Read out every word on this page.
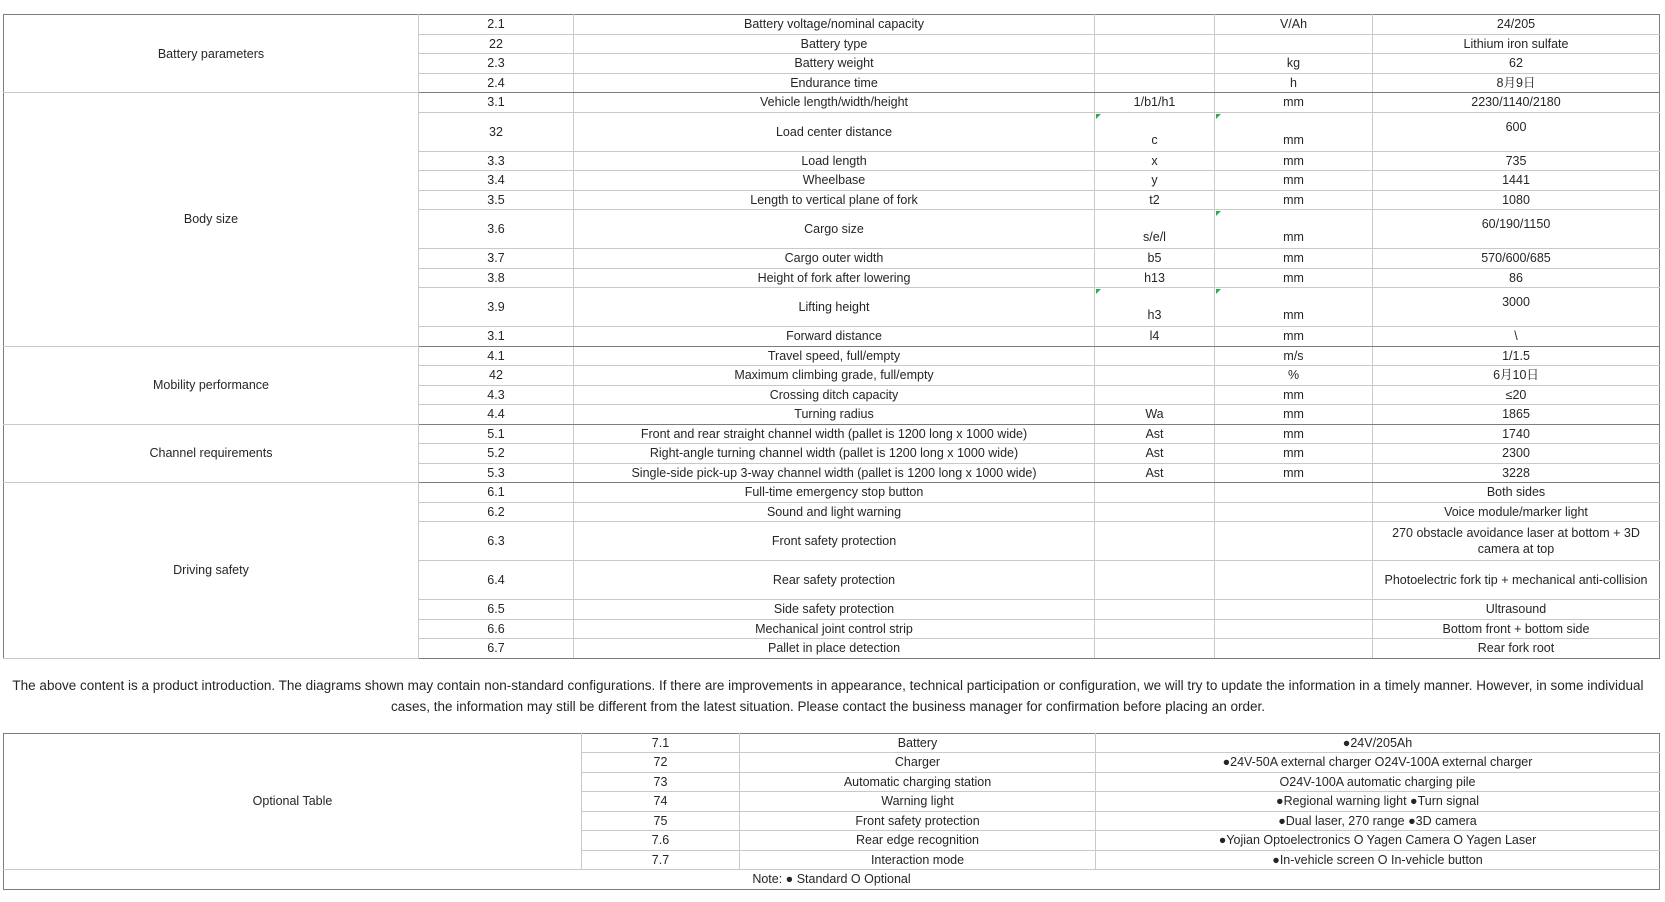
Battery parameters	2.1	Battery voltage/nominal capacity		V/Ah	24/205
	22	Battery type			Lithium iron sulfate
	2.3	Battery weight		kg	62
	2.4	Endurance time		h	8月9日
Body size	3.1	Vehicle length/width/height	1/b1/h1	mm	2230/1140/2180
	32	Load center distance	c	mm	600
	3.3	Load length	x	mm	735
	3.4	Wheelbase	y	mm	1441
	3.5	Length to vertical plane of fork	t2	mm	1080
	3.6	Cargo size	s/e/l	mm	60/190/1150
	3.7	Cargo outer width	b5	mm	570/600/685
	3.8	Height of fork after lowering	h13	mm	86
	3.9	Lifting height	h3	mm	3000
	3.1	Forward distance	l4	mm	\
Mobility performance	4.1	Travel speed, full/empty		m/s	1/1.5
	42	Maximum climbing grade, full/empty		%	6月10日
	4.3	Crossing ditch capacity		mm	≤20
	4.4	Turning radius	Wa	mm	1865
Channel requirements	5.1	Front and rear straight channel width (pallet is 1200 long x 1000 wide)	Ast	mm	1740
	5.2	Right-angle turning channel width (pallet is 1200 long x 1000 wide)	Ast	mm	2300
	5.3	Single-side pick-up 3-way channel width (pallet is 1200 long x 1000 wide)	Ast	mm	3228
Driving safety	6.1	Full-time emergency stop button			Both sides
	6.2	Sound and light warning			Voice module/marker light
	6.3	Front safety protection			270 obstacle avoidance laser at bottom + 3D camera at top
	6.4	Rear safety protection			Photoelectric fork tip + mechanical anti-collision
	6.5	Side safety protection			Ultrasound
	6.6	Mechanical joint control strip			Bottom front + bottom side
	6.7	Pallet in place detection			Rear fork root
The above content is a product introduction. The diagrams shown may contain non-standard configurations. If there are improvements in appearance, technical participation or configuration, we will try to update the information in a timely manner. However, in some individual cases, the information may still be different from the latest situation. Please contact the business manager for confirmation before placing an order.
Optional Table	7.1	Battery	●24V/205Ah
	72	Charger	●24V-50A external charger O24V-100A external charger
	73	Automatic charging station	O24V-100A automatic charging pile
	74	Warning light	●Regional warning light ●Turn signal
	75	Front safety protection	●Dual laser, 270 range ●3D camera
	7.6	Rear edge recognition	●Yojian Optoelectronics O Yagen Camera O Yagen Laser
	7.7	Interaction mode	●In-vehicle screen O In-vehicle button
Note: ● Standard O Optional			
